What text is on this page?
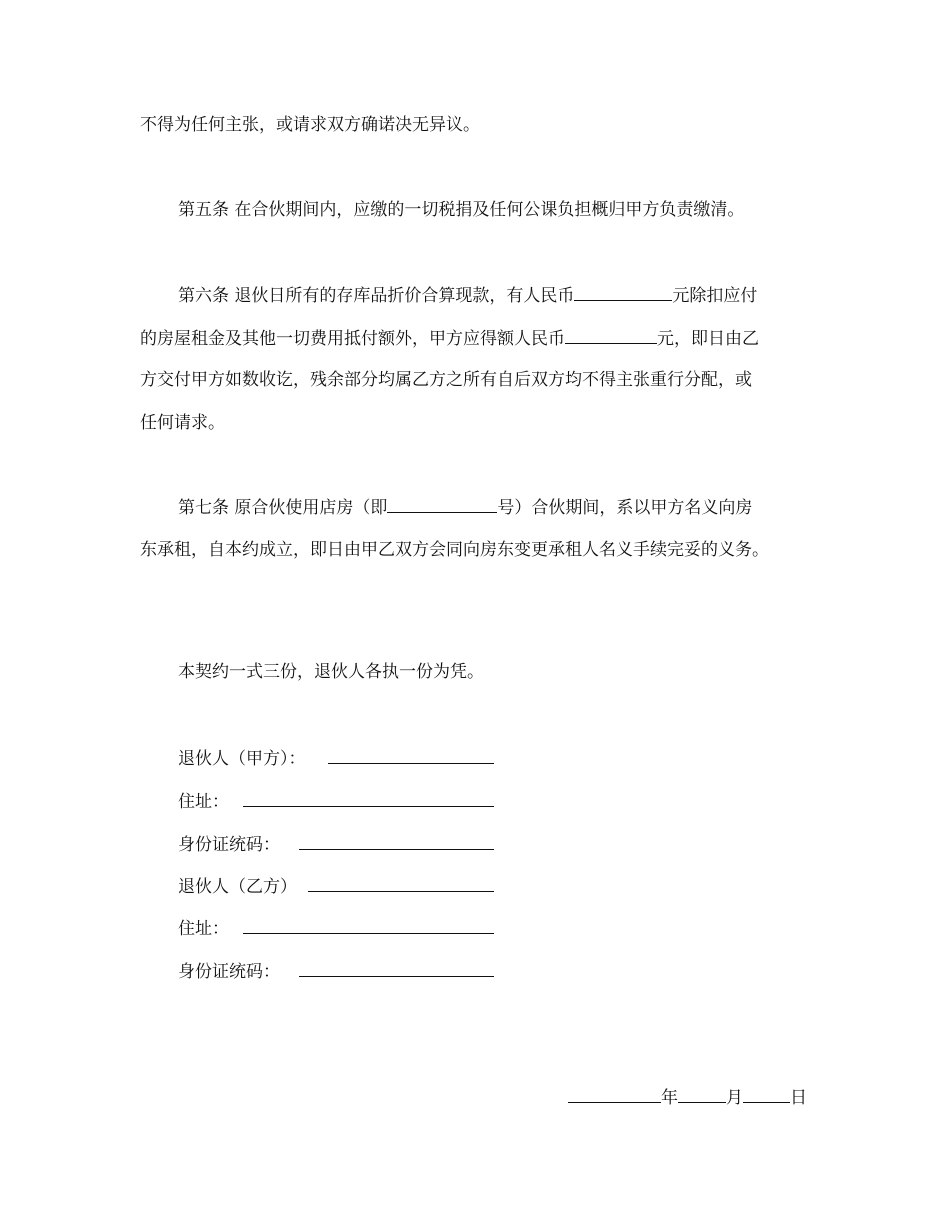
不得为任何主张，或请求双方确诺决无异议。
第五条 在合伙期间内，应缴的一切税捐及任何公课负担概归甲方负责缴清。
第六条 退伙日所有的存库品折价合算现款，有人民币	元除扣应付
的房屋租金及其他一切费用抵付额外，甲方应得额人民币	元，即日由乙
方交付甲方如数收讫，残余部分均属乙方之所有自后双方均不得主张重行分配，或
任何请求。
第七条 原合伙使用店房（即	号）合伙期间，系以甲方名义向房
东承租，自本约成立，即日由甲乙双方会同向房东变更承租人名义手续完妥的义务。
本契约一式三份，退伙人各执一份为凭。
退伙人（甲方）：
住址：
身份证统码：
退伙人（乙方）
住址：
身份证统码：
年	月	日
